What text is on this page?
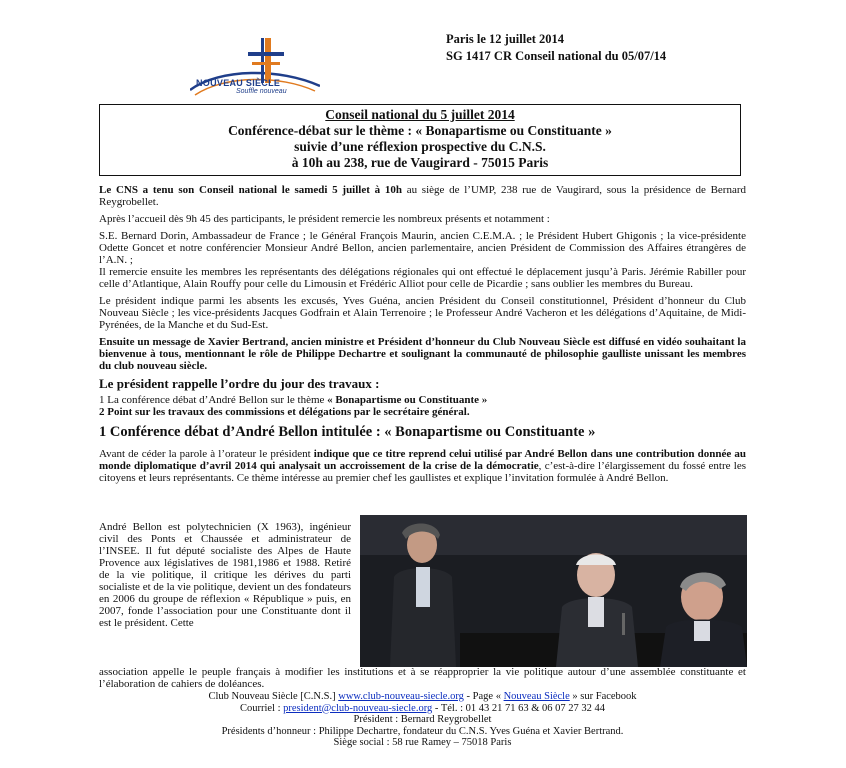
NOUVEAU SIÈCLE
Souffle nouveau
Paris le 12 juillet 2014
SG 1417 CR Conseil national du 05/07/14
Conseil national du 5 juillet 2014
Conférence-débat sur le thème : « Bonapartisme ou Constituante »
suivie d’une réflexion prospective du C.N.S.
à 10h au 238, rue de Vaugirard - 75015 Paris

Le CNS a tenu son Conseil national le samedi 5 juillet à 10h au siège de l’UMP, 238 rue de Vaugirard, sous la présidence de Bernard Reygrobellet.

Après l’accueil dès 9h 45 des participants, le président remercie les nombreux présents et notamment :

S.E. Bernard Dorin, Ambassadeur de France ; le Général François Maurin, ancien C.E.M.A. ; le Président Hubert Ghigonis ; la vice-présidente Odette Goncet et notre conférencier Monsieur André Bellon, ancien parlementaire, ancien Président de Commission des Affaires étrangères de l’A.N. ;
Il remercie ensuite les membres les représentants des délégations régionales qui ont effectué le déplacement jusqu’à Paris. Jérémie Rabiller pour celle d’Atlantique, Alain Rouffy pour celle du Limousin et Frédéric Alliot pour celle de Picardie ; sans oublier les membres du Bureau.

Le président indique parmi les absents les excusés, Yves Guéna, ancien Président du Conseil constitutionnel, Président d’honneur du Club Nouveau Siècle ; les vice-présidents Jacques Godfrain et Alain Terrenoire ; le Professeur André Vacheron et les délégations d’Aquitaine, de Midi-Pyrénées, de la Manche et du Sud-Est.

Ensuite un message de Xavier Bertrand, ancien ministre et Président d’honneur du Club Nouveau Siècle est diffusé en vidéo souhaitant la bienvenue à tous, mentionnant le rôle de Philippe Dechartre et soulignant la communauté de philosophie gaulliste unissant les membres du club nouveau siècle.

Le président rappelle l’ordre du jour des travaux :

1 La conférence débat d’André Bellon sur le thème « Bonapartisme ou Constituante »

2 Point sur les travaux des commissions et délégations par le secrétaire général.

1 Conférence débat d’André Bellon intitulée : « Bonapartisme ou Constituante »

Avant de céder la parole à l’orateur le président indique que ce titre reprend celui utilisé par André Bellon dans une contribution donnée au monde diplomatique d’avril 2014 qui analysait un accroissement de la crise de la démocratie, c’est-à-dire l’élargissement du fossé entre les citoyens et leurs représentants. Ce thème intéresse au premier chef les gaullistes et explique l’invitation formulée à André Bellon.

André Bellon est polytechnicien (X 1963), ingénieur civil des Ponts et Chaussée et administrateur de l’INSEE. Il fut député socialiste des Alpes de Haute Provence aux législatives de 1981,1986 et 1988. Retiré de la vie politique, il critique les dérives du parti socialiste et de la vie politique, devient un des fondateurs en 2006 du groupe de réflexion « République » puis, en 2007, fonde l’association pour une Constituante dont il est le président. Cette
association appelle le peuple français à modifier les institutions et à se réapproprier la vie politique autour d’une assemblée constituante et l’élaboration de cahiers de doléances.
Club Nouveau Siècle [C.N.S.] www.club-nouveau-siecle.org - Page « Nouveau Siècle » sur Facebook
Courriel : president@club-nouveau-siecle.org - Tél. : 01 43 21 71 63 & 06 07 27 32 44
Président : Bernard Reygrobellet
Présidents d’honneur : Philippe Dechartre, fondateur du C.N.S. Yves Guéna et Xavier Bertrand.
Siège social : 58 rue Ramey – 75018 Paris
